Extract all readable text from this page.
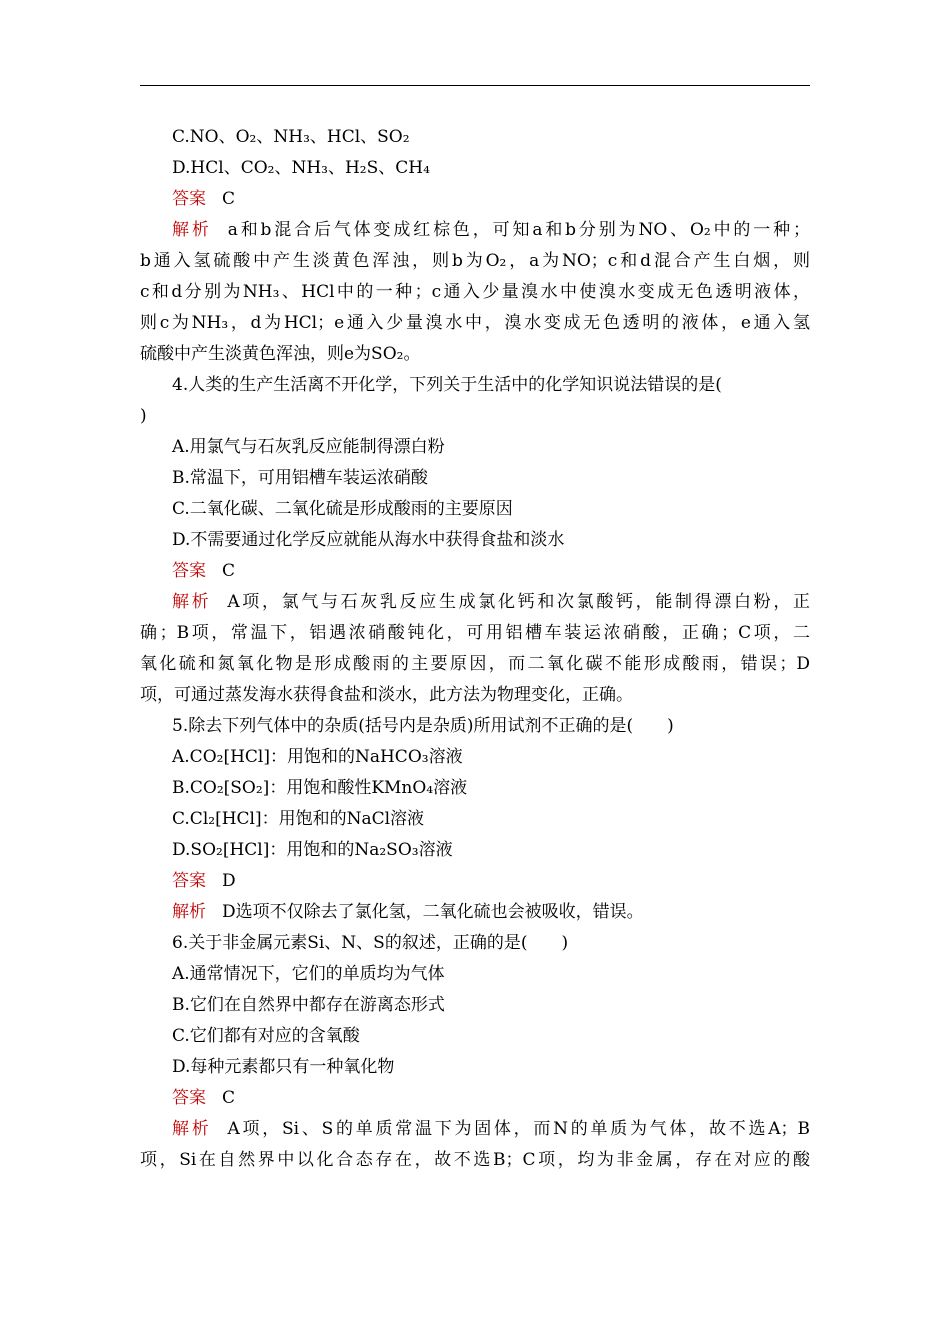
C.NO、O₂、NH₃、HCl、SO₂
D.HCl、CO₂、NH₃、H₂S、CH₄
答案 C
解析 a和b混合后气体变成红棕色，可知a和b分别为NO、O₂中的一种；
b通入氢硫酸中产生淡黄色浑浊，则b为O₂，a为NO；c和d混合产生白烟，则
c和d分别为NH₃、HCl中的一种；c通入少量溴水中使溴水变成无色透明液体，
则c为NH₃，d为HCl；e通入少量溴水中，溴水变成无色透明的液体，e通入氢
硫酸中产生淡黄色浑浊，则e为SO₂。
4.人类的生产生活离不开化学，下列关于生活中的化学知识说法错误的是(
)
A.用氯气与石灰乳反应能制得漂白粉
B.常温下，可用铝槽车装运浓硝酸
C.二氧化碳、二氧化硫是形成酸雨的主要原因
D.不需要通过化学反应就能从海水中获得食盐和淡水
答案 C
解析 A项，氯气与石灰乳反应生成氯化钙和次氯酸钙，能制得漂白粉，正
确；B项，常温下，铝遇浓硝酸钝化，可用铝槽车装运浓硝酸，正确；C项，二
氧化硫和氮氧化物是形成酸雨的主要原因，而二氧化碳不能形成酸雨，错误；D
项，可通过蒸发海水获得食盐和淡水，此方法为物理变化，正确。
5.除去下列气体中的杂质(括号内是杂质)所用试剂不正确的是(　　)
A.CO₂[HCl]：用饱和的NaHCO₃溶液
B.CO₂[SO₂]：用饱和酸性KMnO₄溶液
C.Cl₂[HCl]：用饱和的NaCl溶液
D.SO₂[HCl]：用饱和的Na₂SO₃溶液
答案 D
解析 D选项不仅除去了氯化氢，二氧化硫也会被吸收，错误。
6.关于非金属元素Si、N、S的叙述，正确的是(　　)
A.通常情况下，它们的单质均为气体
B.它们在自然界中都存在游离态形式
C.它们都有对应的含氧酸
D.每种元素都只有一种氧化物
答案 C
解析 A项，Si、S的单质常温下为固体，而N的单质为气体，故不选A；B
项，Si在自然界中以化合态存在，故不选B；C项，均为非金属，存在对应的酸
